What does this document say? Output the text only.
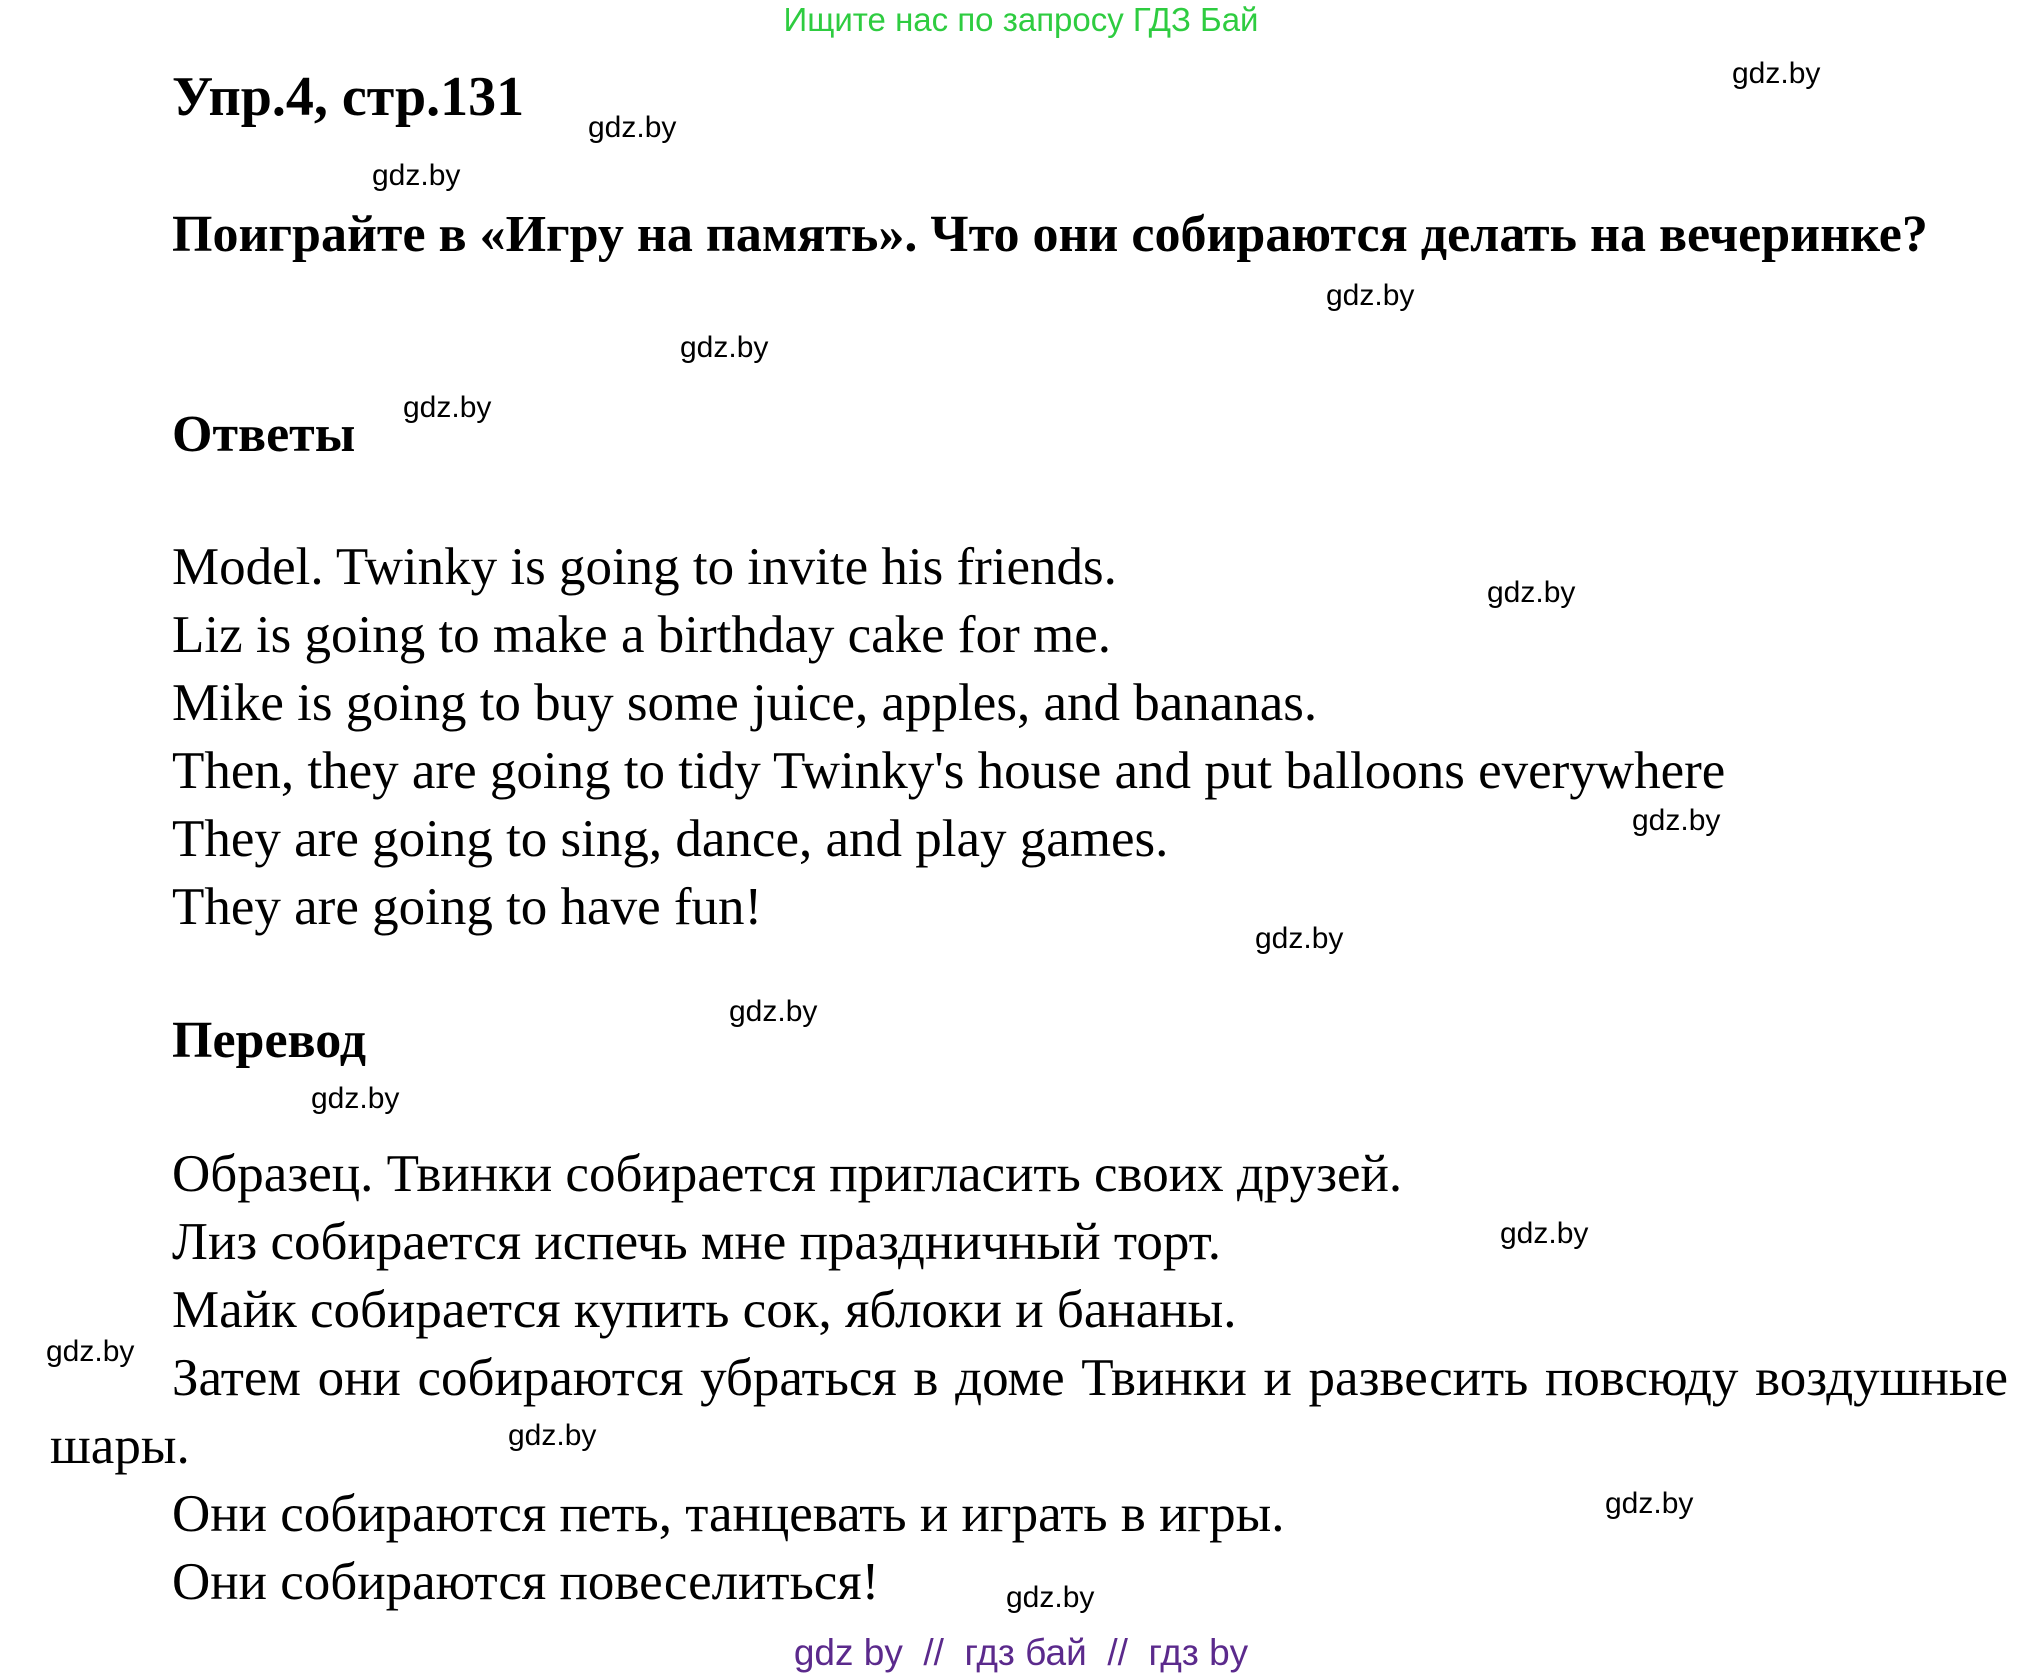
Ищите нас по запросу ГДЗ Бай
Упр.4, стр.131

Поиграйте в «Игру на память». Что они собираются делать на вечеринке?

Ответы
Model. Twinky is going to invite his friends.
Liz is going to make a birthday cake for me.
Mike is going to buy some juice, apples, and bananas.
Then, they are going to tidy Twinky's house and put balloons everywhere
They are going to sing, dance, and play games.
They are going to have fun!
Перевод
Образец. Твинки собирается пригласить своих друзей.
Лиз собирается испечь мне праздничный торт.
Майк собирается купить сок, яблоки и бананы.
Затем они собираются убраться в доме Твинки и развесить повсюду воздушные шары.
Они собираются петь, танцевать и играть в игры.
Они собираются повеселиться!
gdz.by
gdz.by
gdz.by
gdz.by
gdz.by
gdz.by
gdz.by
gdz.by
gdz.by
gdz.by
gdz.by
gdz.by
gdz.by
gdz.by
gdz.by
gdz.by
gdz by  //  гдз бай  //  гдз by
